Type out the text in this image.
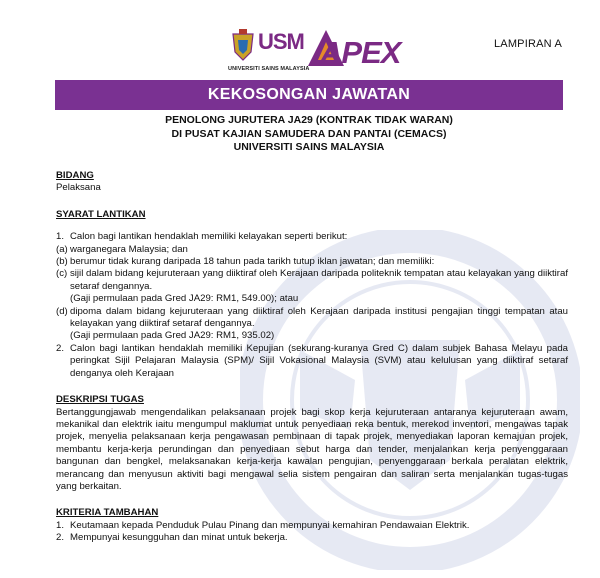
LAMPIRAN A
USM
UNIVERSITI SAINS MALAYSIA APEX
KEKOSONGAN JAWATAN
PENOLONG JURUTERA JA29 (KONTRAK TIDAK WARAN)
DI PUSAT KAJIAN SAMUDERA DAN PANTAI (CEMACS)
UNIVERSITI SAINS MALAYSIA
BIDANG
Pelaksana
SYARAT LANTIKAN
1. Calon bagi lantikan hendaklah memiliki kelayakan seperti berikut:
(a) warganegara Malaysia; dan
(b) berumur tidak kurang daripada 18 tahun pada tarikh tutup iklan jawatan; dan memiliki:
(c) sijil dalam bidang kejuruteraan yang diiktiraf oleh Kerajaan daripada politeknik tempatan atau kelayakan yang diiktiraf setaraf dengannya.
(Gaji permulaan pada Gred JA29: RM1, 549.00); atau
(d) dipoma dalam bidang kejuruteraan yang diiktiraf oleh Kerajaan daripada institusi pengajian tinggi tempatan atau kelayakan yang diiktiraf setaraf dengannya.
(Gaji permulaan pada Gred JA29: RM1, 935.02)
2. Calon bagi lantikan hendaklah memiliki Kepujian (sekurang-kuranya Gred C) dalam subjek Bahasa Melayu pada peringkat Sijil Pelajaran Malaysia (SPM)/ Sijil Vokasional Malaysia (SVM) atau kelulusan yang diiktiraf setaraf denganya oleh Kerajaan
DESKRIPSI TUGAS
Bertanggungjawab mengendalikan pelaksanaan projek bagi skop kerja kejuruteraan antaranya kejuruteraan awam, mekanikal dan elektrik iaitu mengumpul maklumat untuk penyediaan reka bentuk, merekod inventori, mengawas tapak projek, menyelia pelaksanaan kerja pengawasan pembinaan di tapak projek, menyediakan laporan kemajuan projek, membantu kerja-kerja perundingan dan penyediaan sebut harga dan tender, menjalankan kerja penyenggaraan bangunan dan bengkel, melaksanakan kerja-kerja kawalan pengujian, penyenggaraan berkala peralatan elektrik, merancang dan menyusun aktiviti bagi mengawal selia sistem pengairan dan saliran serta menjalankan tugas-tugas yang berkaitan.
KRITERIA TAMBAHAN
1. Keutamaan kepada Penduduk Pulau Pinang dan mempunyai kemahiran Pendawaian Elektrik.
2. Mempunyai kesungguhan dan minat untuk bekerja.
